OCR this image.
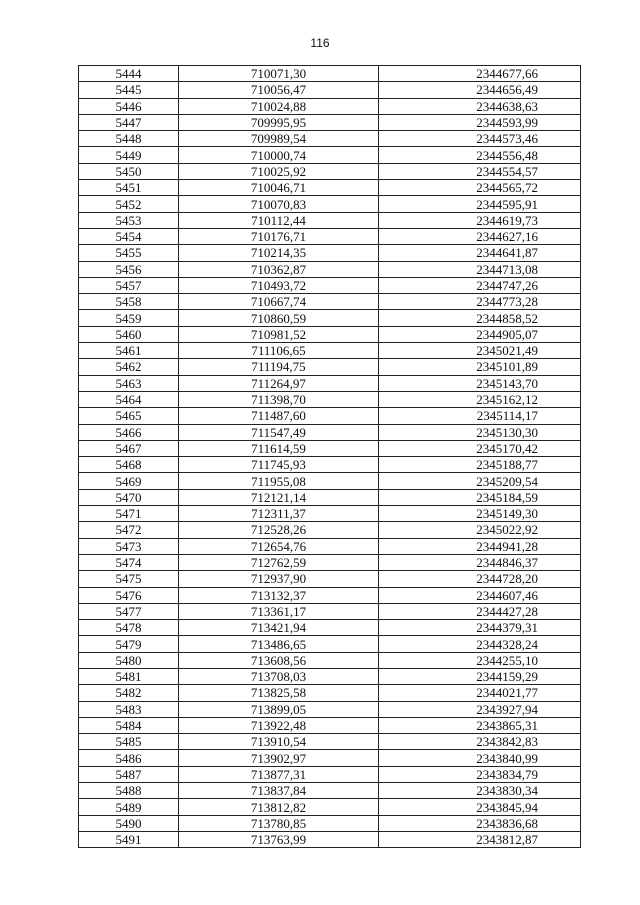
116
5444	710071,30	2344677,66
5445	710056,47	2344656,49
5446	710024,88	2344638,63
5447	709995,95	2344593,99
5448	709989,54	2344573,46
5449	710000,74	2344556,48
5450	710025,92	2344554,57
5451	710046,71	2344565,72
5452	710070,83	2344595,91
5453	710112,44	2344619,73
5454	710176,71	2344627,16
5455	710214,35	2344641,87
5456	710362,87	2344713,08
5457	710493,72	2344747,26
5458	710667,74	2344773,28
5459	710860,59	2344858,52
5460	710981,52	2344905,07
5461	711106,65	2345021,49
5462	711194,75	2345101,89
5463	711264,97	2345143,70
5464	711398,70	2345162,12
5465	711487,60	2345114,17
5466	711547,49	2345130,30
5467	711614,59	2345170,42
5468	711745,93	2345188,77
5469	711955,08	2345209,54
5470	712121,14	2345184,59
5471	712311,37	2345149,30
5472	712528,26	2345022,92
5473	712654,76	2344941,28
5474	712762,59	2344846,37
5475	712937,90	2344728,20
5476	713132,37	2344607,46
5477	713361,17	2344427,28
5478	713421,94	2344379,31
5479	713486,65	2344328,24
5480	713608,56	2344255,10
5481	713708,03	2344159,29
5482	713825,58	2344021,77
5483	713899,05	2343927,94
5484	713922,48	2343865,31
5485	713910,54	2343842,83
5486	713902,97	2343840,99
5487	713877,31	2343834,79
5488	713837,84	2343830,34
5489	713812,82	2343845,94
5490	713780,85	2343836,68
5491	713763,99	2343812,87
